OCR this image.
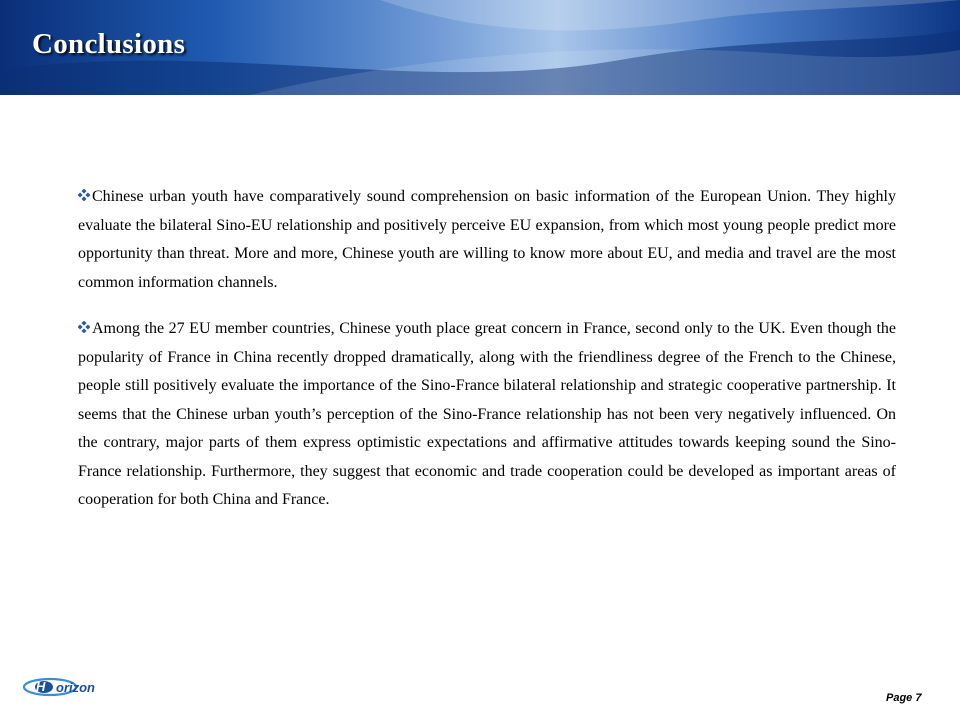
Conclusions

Chinese urban youth have comparatively sound comprehension on basic information of the European Union. They highly evaluate the bilateral Sino-EU relationship and positively perceive EU expansion, from which most young people predict more opportunity than threat. More and more, Chinese youth are willing to know more about EU, and media and travel are the most common information channels.

Among the 27 EU member countries, Chinese youth place great concern in France, second only to the UK. Even though the popularity of France in China recently dropped dramatically, along with the friendliness degree of the French to the Chinese, people still positively evaluate the importance of the Sino-France bilateral relationship and strategic cooperative partnership. It seems that the Chinese urban youth’s perception of the Sino-France relationship has not been very negatively influenced. On the contrary, major parts of them express optimistic expectations and affirmative attitudes towards keeping sound the Sino-France relationship. Furthermore, they suggest that economic and trade cooperation could be developed as important areas of cooperation for both China and France.

H orizon
Page 7
